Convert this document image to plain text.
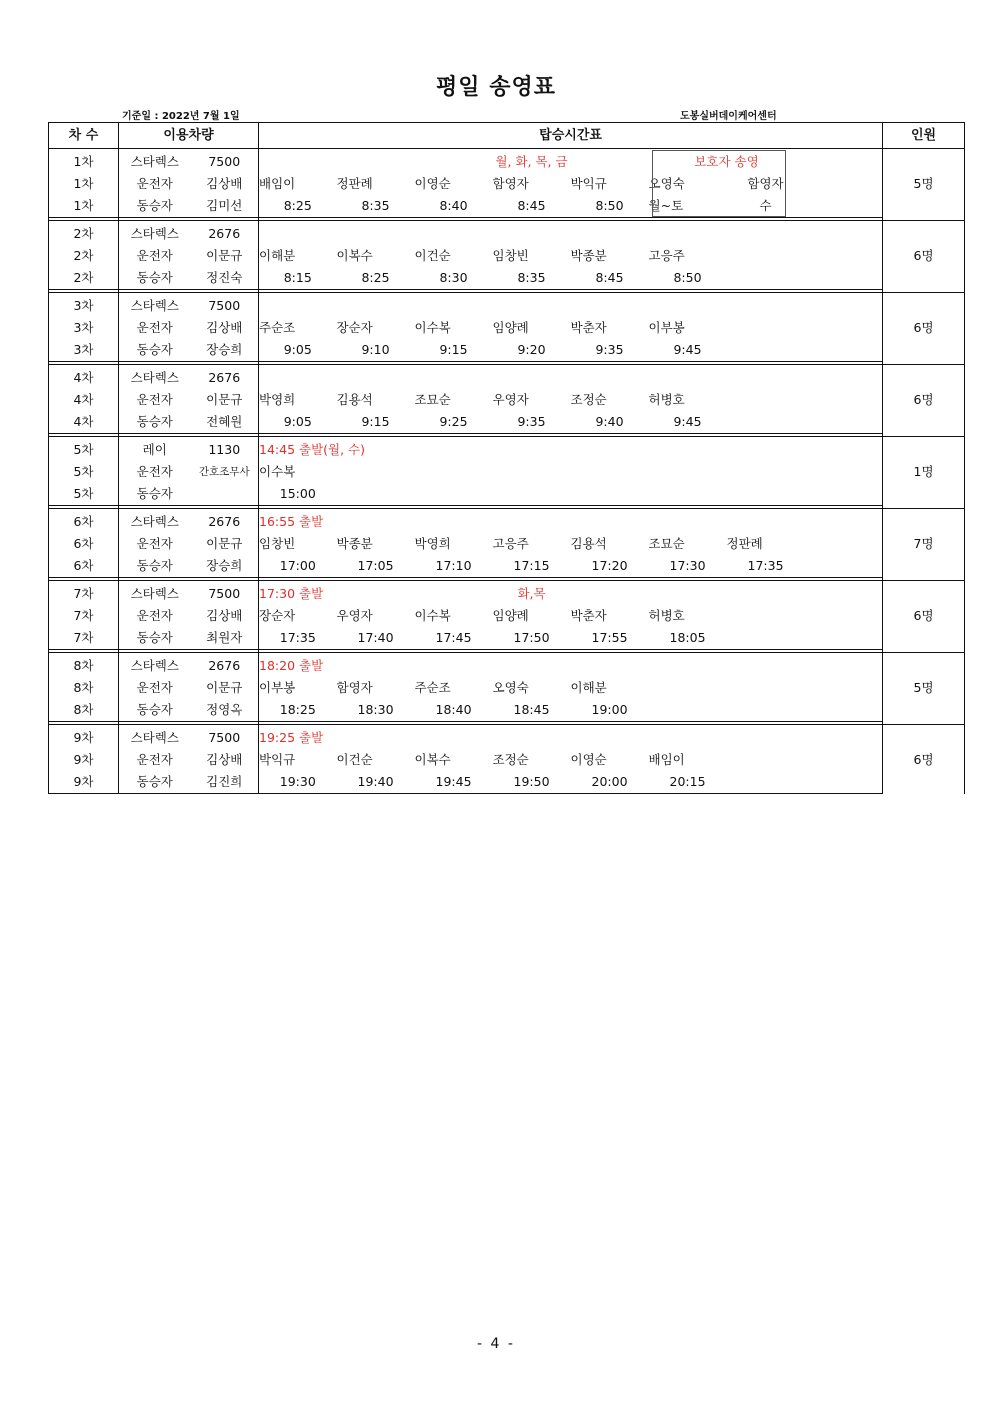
평일 송영표
기준일 : 2022년 7월 1일	도봉실버데이케어센터
차 수	이용차량		탑승시간표								인원
1차	스타렉스	7500			월, 화, 목, 금			보호자 송영			5명
1차	운전자	김상배	배임이	정판례	이영순	함영자	박익규	오영숙	함영자		
1차	동승자	김미선	8:25	8:35	8:40	8:45	8:50	월~토	수		

2차	스타렉스	2676									6명
2차	운전자	이문규	이해분	이복수	이건순	임창빈	박종분	고응주			
2차	동승자	정진숙	8:15	8:25	8:30	8:35	8:45	8:50			

3차	스타렉스	7500									6명
3차	운전자	김상배	주순조	장순자	이수복	임양례	박춘자	이부봉			
3차	동승자	장승희	9:05	9:10	9:15	9:20	9:35	9:45			

4차	스타렉스	2676									6명
4차	운전자	이문규	박영희	김용석	조묘순	우영자	조정순	허병호			
4차	동승자	전혜원	9:05	9:15	9:25	9:35	9:40	9:45			

5차	레이	1130	14:45 출발(월, 수)								1명
5차	운전자	간호조무사	이수복								
5차	동승자		15:00								

6차	스타렉스	2676	16:55 출발								7명
6차	운전자	이문규	임창빈	박종분	박영희	고응주	김용석	조묘순	정판례		
6차	동승자	장승희	17:00	17:05	17:10	17:15	17:20	17:30	17:35		

7차	스타렉스	7500	17:30 출발			화,목					6명
7차	운전자	김상배	장순자	우영자	이수복	임양례	박춘자	허병호			
7차	동승자	최원자	17:35	17:40	17:45	17:50	17:55	18:05			

8차	스타렉스	2676	18:20 출발								5명
8차	운전자	이문규	이부봉	함영자	주순조	오영숙	이해분				
8차	동승자	정영옥	18:25	18:30	18:40	18:45	19:00				

9차	스타렉스	7500	19:25 출발								6명
9차	운전자	김상배	박익규	이건순	이복수	조정순	이영순	배임이			
9차	동승자	김진희	19:30	19:40	19:45	19:50	20:00	20:15			
- 4 -
